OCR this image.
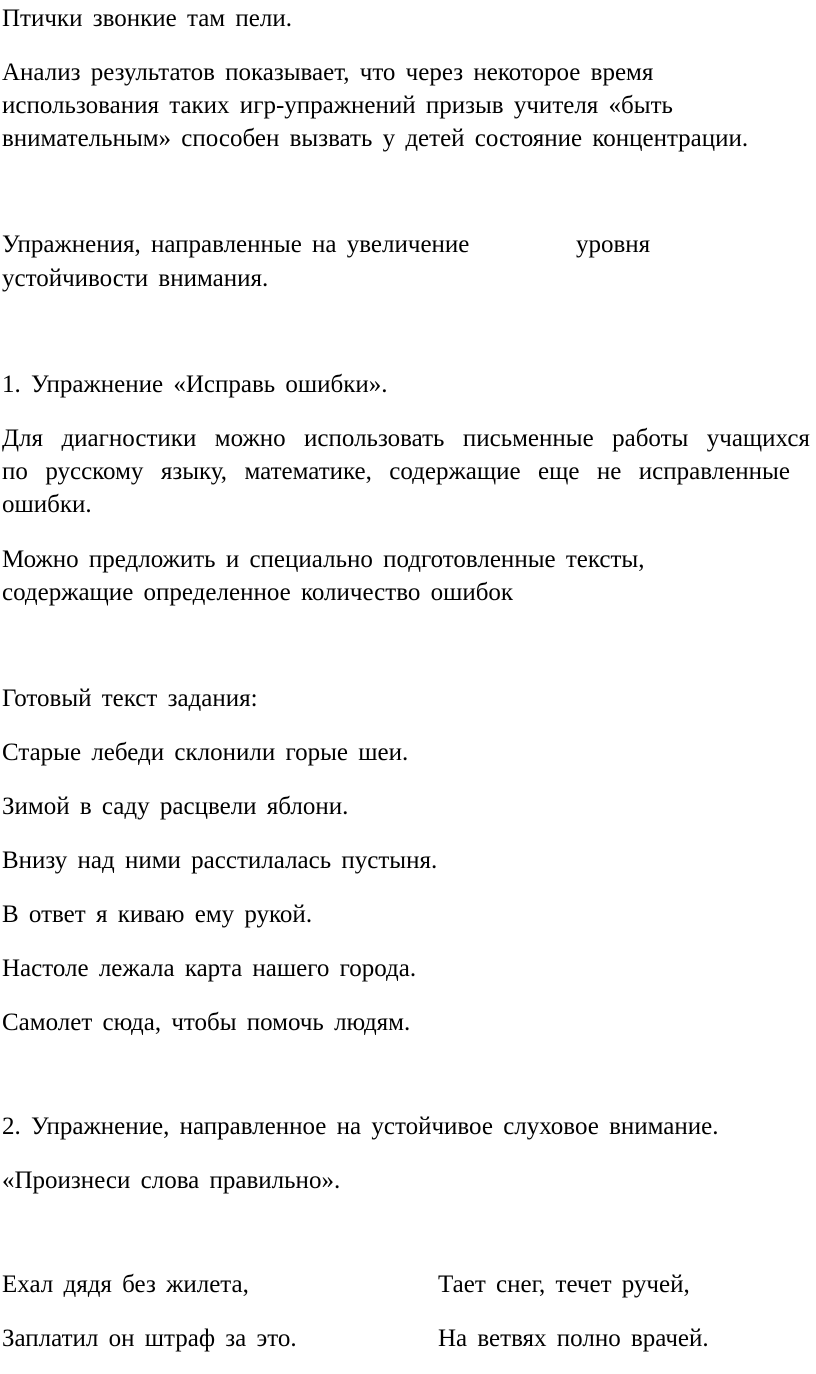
Птички звонкие там пели.

Анализ результатов показывает, что через некоторое время

использования таких игр-упражнений призыв учителя «быть

внимательным» способен вызвать у детей состояние концентрации.

Упражнения, направленные на увеличение	уровня

устойчивости внимания.

1. Упражнение «Исправь ошибки».

Для диагностики можно использовать письменные работы учащихся
по русскому языку, математике, содержащие еще не исправленные

ошибки.

Можно предложить и специально подготовленные тексты,

содержащие определенное количество ошибок

Готовый текст задания:

Старые лебеди склонили горые шеи.

Зимой в саду расцвели яблони.

Внизу над ними расстилалась пустыня.

В ответ я киваю ему рукой.

Настоле лежала карта нашего города.

Самолет сюда, чтобы помочь людям.

2. Упражнение, направленное на устойчивое слуховое внимание.

«Произнеси слова правильно».

Ехал дядя без жилета,	Тает снег, течет ручей,

Заплатил он штраф за это.	На ветвях полно врачей.
